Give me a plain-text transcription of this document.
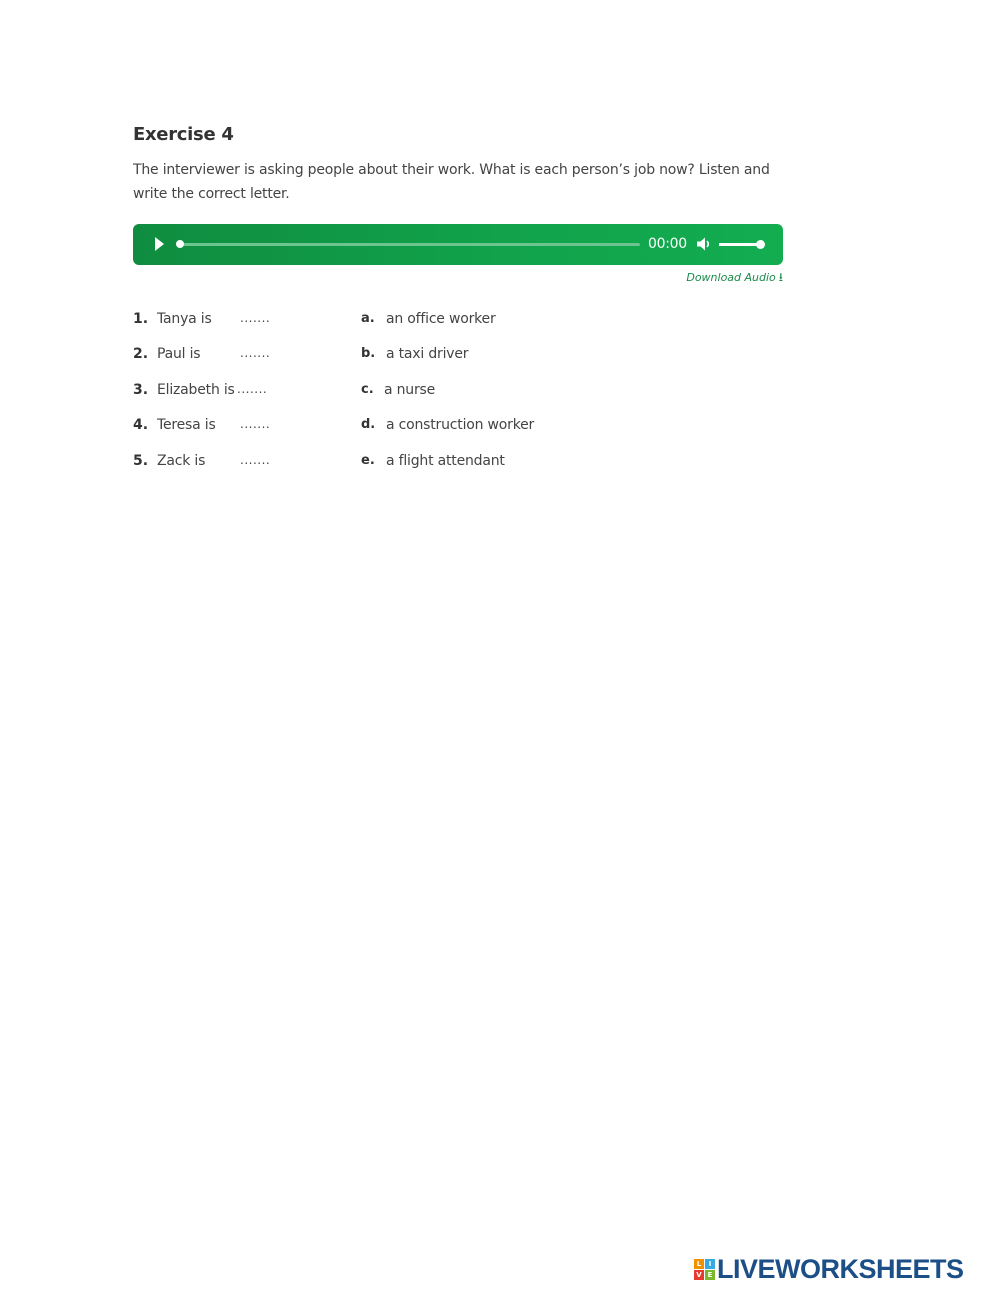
Exercise 4
The interviewer is asking people about their work. What is each person’s job now? Listen and write the correct letter.
00:00
Download Audio ⭳
1. Tanya is .......	a. an office worker
2. Paul is	.......	b. a taxi driver
3. Elizabeth is .......	c. a nurse
4. Teresa is .......	d. a construction worker
5. Zack is	.......	e. a flight attendant
L	I
V E LIVEWORKSHEETS
